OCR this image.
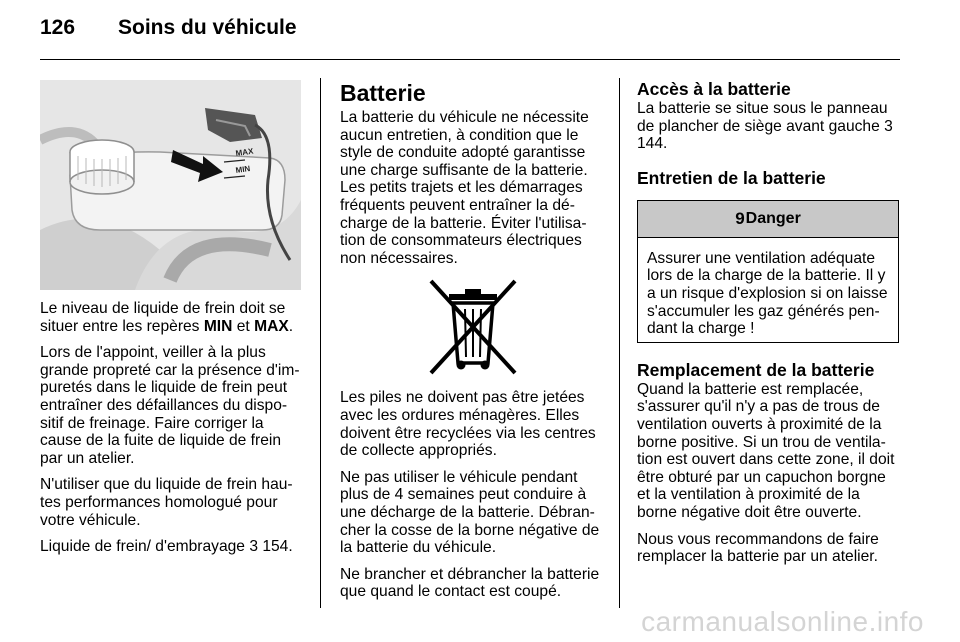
126 Soins du véhicule
MAX
MIN

Le niveau de liquide de frein doit se situer entre les repères MIN et MAX.

Lors de l'appoint, veiller à la plus grande propreté car la présence d'im-puretés dans le liquide de frein peut entraîner des défaillances du dispo-sitif de freinage. Faire corriger la cause de la fuite de liquide de frein par un atelier.

N'utiliser que du liquide de frein hau-tes performances homologué pour votre véhicule.

Liquide de frein/ d'embrayage 3 154.

Batterie

La batterie du véhicule ne nécessite aucun entretien, à condition que le style de conduite adopté garantisse une charge suffisante de la batterie. Les petits trajets et les démarrages fréquents peuvent entraîner la dé-charge de la batterie. Éviter l'utilisa-tion de consommateurs électriques non nécessaires.

Les piles ne doivent pas être jetées avec les ordures ménagères. Elles doivent être recyclées via les centres de collecte appropriés.

Ne pas utiliser le véhicule pendant plus de 4 semaines peut conduire à une décharge de la batterie. Débran-cher la cosse de la borne négative de la batterie du véhicule.

Ne brancher et débrancher la batterie que quand le contact est coupé.

Accès à la batterie

La batterie se situe sous le panneau de plancher de siège avant gauche 3 144.

Entretien de la batterie
9 Danger

Assurer une ventilation adéquate lors de la charge de la batterie. Il y a un risque d'explosion si on laisse s'accumuler les gaz générés pen-dant la charge !

Remplacement de la batterie

Quand la batterie est remplacée, s'assurer qu'il n'y a pas de trous de ventilation ouverts à proximité de la borne positive. Si un trou de ventila-tion est ouvert dans cette zone, il doit être obturé par un capuchon borgne et la ventilation à proximité de la borne négative doit être ouverte.

Nous vous recommandons de faire remplacer la batterie par un atelier.

carmanualsonline.info
